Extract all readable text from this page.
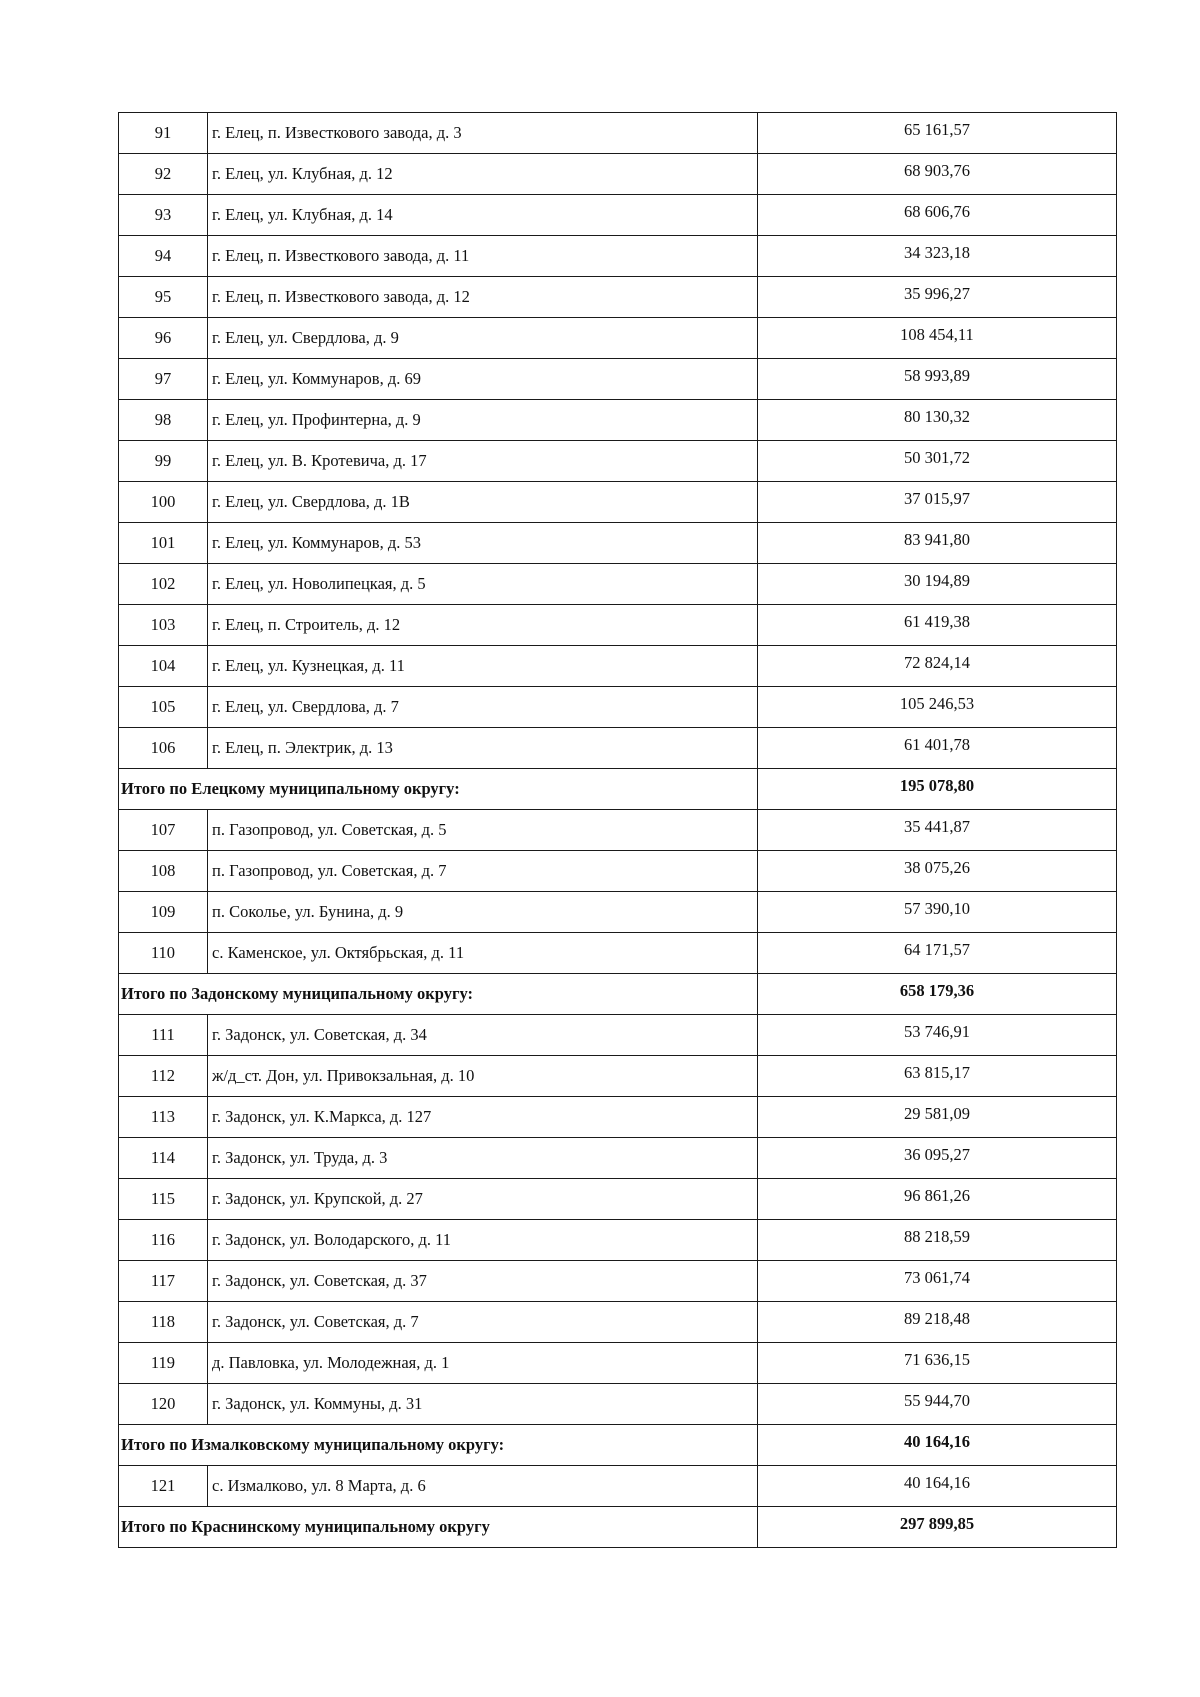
91	г. Елец, п. Известкового завода, д. 3	65 161,57
92	г. Елец, ул. Клубная, д. 12	68 903,76
93	г. Елец, ул. Клубная, д. 14	68 606,76
94	г. Елец, п. Известкового завода, д. 11	34 323,18
95	г. Елец, п. Известкового завода, д. 12	35 996,27
96	г. Елец, ул. Свердлова, д. 9	108 454,11
97	г. Елец, ул. Коммунаров, д. 69	58 993,89
98	г. Елец, ул. Профинтерна, д. 9	80 130,32
99	г. Елец, ул. В. Кротевича, д. 17	50 301,72
100	г. Елец, ул. Свердлова, д. 1В	37 015,97
101	г. Елец, ул. Коммунаров, д. 53	83 941,80
102	г. Елец, ул. Новолипецкая, д. 5	30 194,89
103	г. Елец, п. Строитель, д. 12	61 419,38
104	г. Елец, ул. Кузнецкая, д. 11	72 824,14
105	г. Елец, ул. Свердлова, д. 7	105 246,53
106	г. Елец, п. Электрик, д. 13	61 401,78
Итого по Елецкому муниципальному округу:		195 078,80
107	п. Газопровод, ул. Советская, д. 5	35 441,87
108	п. Газопровод, ул. Советская, д. 7	38 075,26
109	п. Сокольe, ул. Бунина, д. 9	57 390,10
110	с. Каменское, ул. Октябрьская, д. 11	64 171,57
Итого по Задонскому муниципальному округу:		658 179,36
111	г. Задонск, ул. Советская, д. 34	53 746,91
112	ж/д_ст. Дон, ул. Привокзальная, д. 10	63 815,17
113	г. Задонск, ул. К.Маркса, д. 127	29 581,09
114	г. Задонск, ул. Труда, д. 3	36 095,27
115	г. Задонск, ул. Крупской, д. 27	96 861,26
116	г. Задонск, ул. Володарского, д. 11	88 218,59
117	г. Задонск, ул. Советская, д. 37	73 061,74
118	г. Задонск, ул. Советская, д. 7	89 218,48
119	д. Павловка, ул. Молодежная, д. 1	71 636,15
120	г. Задонск, ул. Коммуны, д. 31	55 944,70
Итого по Измалковскому муниципальному округу:		40 164,16
121	с. Измалково, ул. 8 Марта, д. 6	40 164,16
Итого по Краснинскому муниципальному округу		297 899,85
